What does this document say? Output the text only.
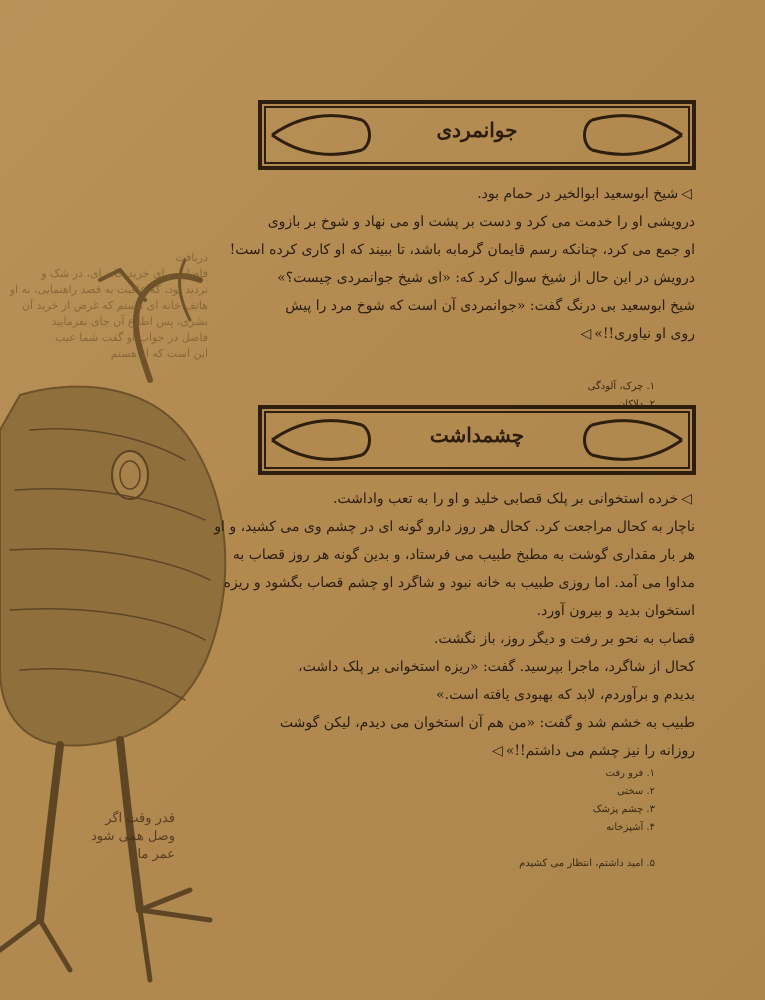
دریافت
فاضلی برای خرید خانه ای، در شک و
تردید بود، که عاقبت به قصد راهنمایی، به او
هاتف خانه ای هستم که غرض از خرید آن
بشری، پس اطلاع آن جای بفرمایید
فاضل در جواب او گفت شما عیب
این است که او هستم
قدر وقت اگر
وصل همی شود
عمر ما
جوانمردی

◁شیخ ابوسعید ابوالخیر در حمام بود.

درویشی او را خدمت می کرد و دست بر پشت او می نهاد و شوخ بر بازوی

او جمع می کرد، چنانکه رسم قایمان گرمابه باشد، تا ببیند که او کاری کرده است!

درویش در این حال از شیخ سوال کرد که: «ای شیخ جوانمردی چیست؟»

شیخ ابوسعید بی درنگ گفت: «جوانمردی آن است که شوخ مرد را پیش

روی او نیاوری!!»◁

۱. چرک، آلودگی

۲. دلاکان

چشمداشت

◁خرده استخوانی بر پلک قصابی خلید و او را به تعب واداشت.

ناچار به کحال مراجعت کرد. کحال هر روز دارو گونه ای در چشم وی می کشید، و او

هر بار مقداری گوشت به مطبخ طبیب می فرستاد، و بدین گونه هر روز قصاب به

مداوا می آمد. اما روزی طبیب به خانه نبود و شاگرد او چشم قصاب بگشود و ریزه

استخوان بدید و بیرون آورد.

قصاب به نحو بر رفت و دیگر روز، باز نگشت.

کحال از شاگرد، ماجرا بپرسید. گفت: «ریزه استخوانی بر پلک داشت،

بدیدم و برآوردم، لابد که بهبودی یافته است.»

طبیب به خشم شد و گفت: «من هم آن استخوان می دیدم، لیکن گوشت

روزانه را نیز چشم می داشتم!!»◁

۱. فرو رفت

۲. سختی

۳. چشم پزشک

۴. آشپزخانه

۵. امید داشتم، انتظار می کشیدم
